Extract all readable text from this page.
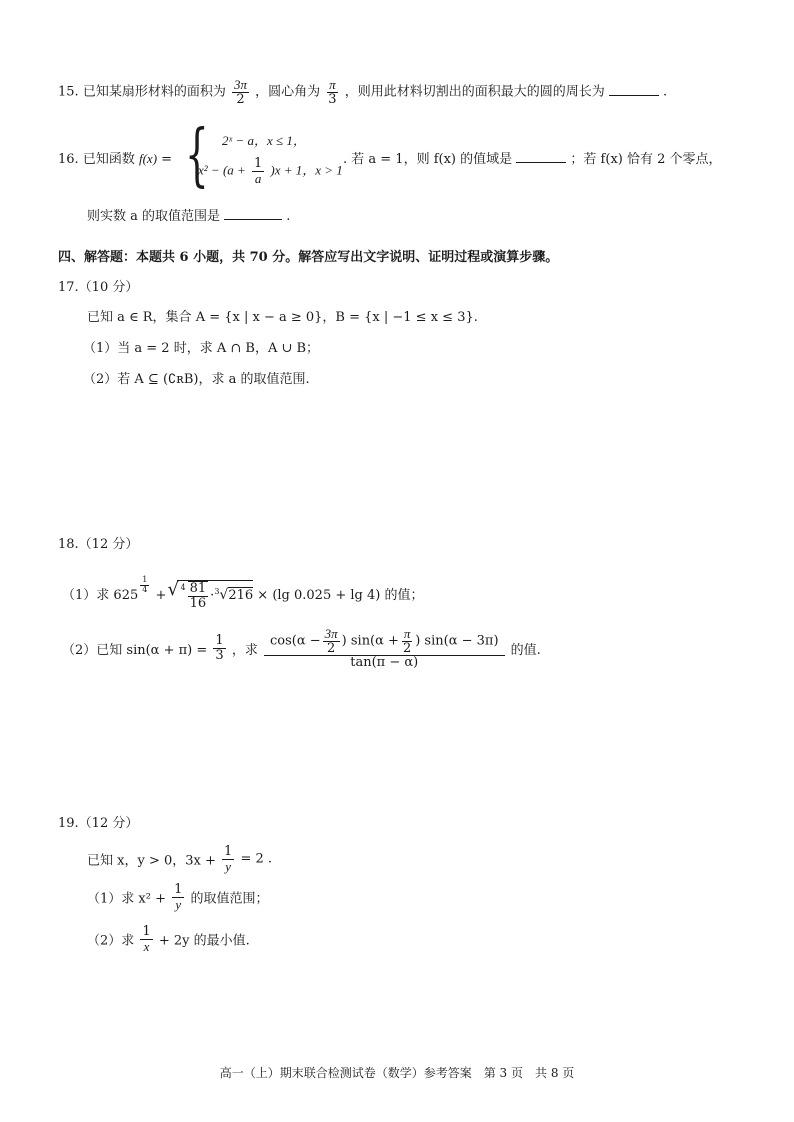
15. 已知某扇形材料的面积为 $\frac{3\pi}{2}$ ，圆心角为 $\frac{\pi}{3}$ ，则用此材料切割出的面积最大的圆的周长为	.
16. 已知函数 f(x) = { 2ˣ − a，x ≤ 1，
$x^2 - (a + \frac{1}{a} )x + 1$，x > 1
. 若 a = 1，则 f(x) 的值域是	；若 f(x) 恰有 2 个零点，
则实数 a 的取值范围是	.
四、解答题：本题共 6 小题，共 70 分。解答应写出文字说明、证明过程或演算步骤。
17.（10 分）
已知 a ∈ R，集合 A = {x | x − a ≥ 0}，B = {x | −1 ≤ x ≤ 3}.
（1）当 a = 2 时，求 A ∩ B，A ∪ B；
（2）若 A ⊆ (∁ʀB)，求 a 的取值范围.
18.（12 分）
（1）求 625
$^{\frac{1}{4}}$
+ √ $^4 \frac{81}{16} \cdot^3√216 \times (\lg$ 0.025 + lg 4) 的值；
（2）已知 $\sin(\alpha + \pi) = \frac{1}{3}$ ，求 $\frac{\cos(\alpha - \frac{3\pi}{2} ) \sin(\alpha + \frac{\pi}{2} ) \sin(\alpha - 3\pi)}{\tan(\pi - \alpha)}$ 的值.
19.（12 分）
已知 x，y > 0，$3x + \frac{1}{y} = 2$ .
（1）求 $x^2 + \frac{1}{y}$ 的取值范围；
（2）求 $\frac{1}{x} + 2y$ 的最小值.
高一（上）期末联合检测试卷（数学）参考答案　第 3 页　共 8 页
